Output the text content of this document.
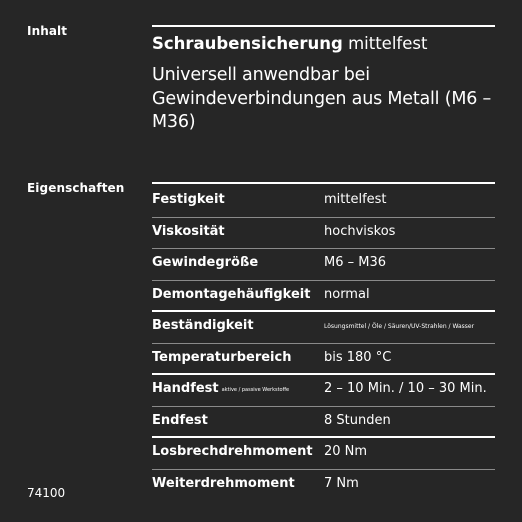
Inhalt
Schraubensicherung mittelfest
Universell anwendbar bei Gewindeverbindungen aus Metall (M6 – M36)
Eigenschaften
Festigkeit	mittelfest
Viskosität	hochviskos
Gewindegröße	M6 – M36
Demontagehäufigkeit normal
Beständigkeit	Lösungsmittel / Öle / Säuren/UV-Strahlen / Wasser
Temperaturbereich	bis 180 °C
Handfest aktive / passive Werkstoffe	2 – 10 Min. / 10 – 30 Min.
Endfest	8 Stunden
Losbrechdrehmoment 20 Nm
Weiterdrehmoment 7 Nm
74100
